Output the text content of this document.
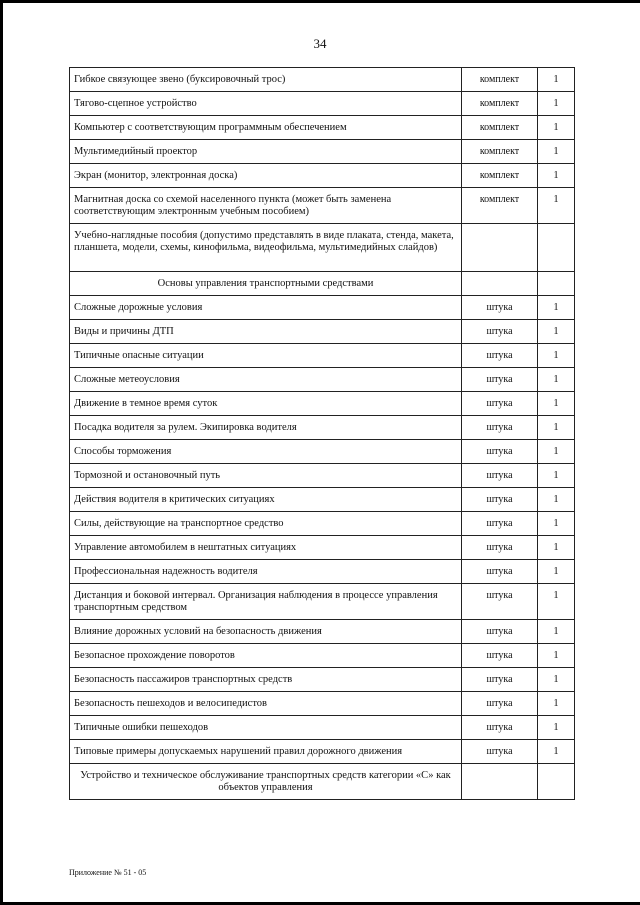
34
Гибкое связующее звено (буксировочный трос)	комплект	1
Тягово-сцепное устройство	комплект	1
Компьютер с соответствующим программным обеспечением	комплект	1
Мультимедийный проектор	комплект	1
Экран (монитор, электронная доска)	комплект	1
Магнитная доска со схемой населенного пункта (может быть заменена соответствующим электронным учебным пособием)	комплект	1
Учебно-наглядные пособия (допустимо представлять в виде плаката, стенда, макета, планшета, модели, схемы, кинофильма, видеофильма, мультимедийных слайдов)		
Основы управления транспортными средствами		
Сложные дорожные условия	штука	1
Виды и причины ДТП	штука	1
Типичные опасные ситуации	штука	1
Сложные метеоусловия	штука	1
Движение в темное время суток	штука	1
Посадка водителя за рулем. Экипировка водителя	штука	1
Способы торможения	штука	1
Тормозной и остановочный путь	штука	1
Действия водителя в критических ситуациях	штука	1
Силы, действующие на транспортное средство	штука	1
Управление автомобилем в нештатных ситуациях	штука	1
Профессиональная надежность водителя	штука	1
Дистанция и боковой интервал. Организация наблюдения в процессе управления транспортным средством	штука	1
Влияние дорожных условий на безопасность движения	штука	1
Безопасное прохождение поворотов	штука	1
Безопасность пассажиров транспортных средств	штука	1
Безопасность пешеходов и велосипедистов	штука	1
Типичные ошибки пешеходов	штука	1
Типовые примеры допускаемых нарушений правил дорожного движения	штука	1
Устройство и техническое обслуживание транспортных средств категории «С» как объектов управления		
Приложение № 51 - 05
